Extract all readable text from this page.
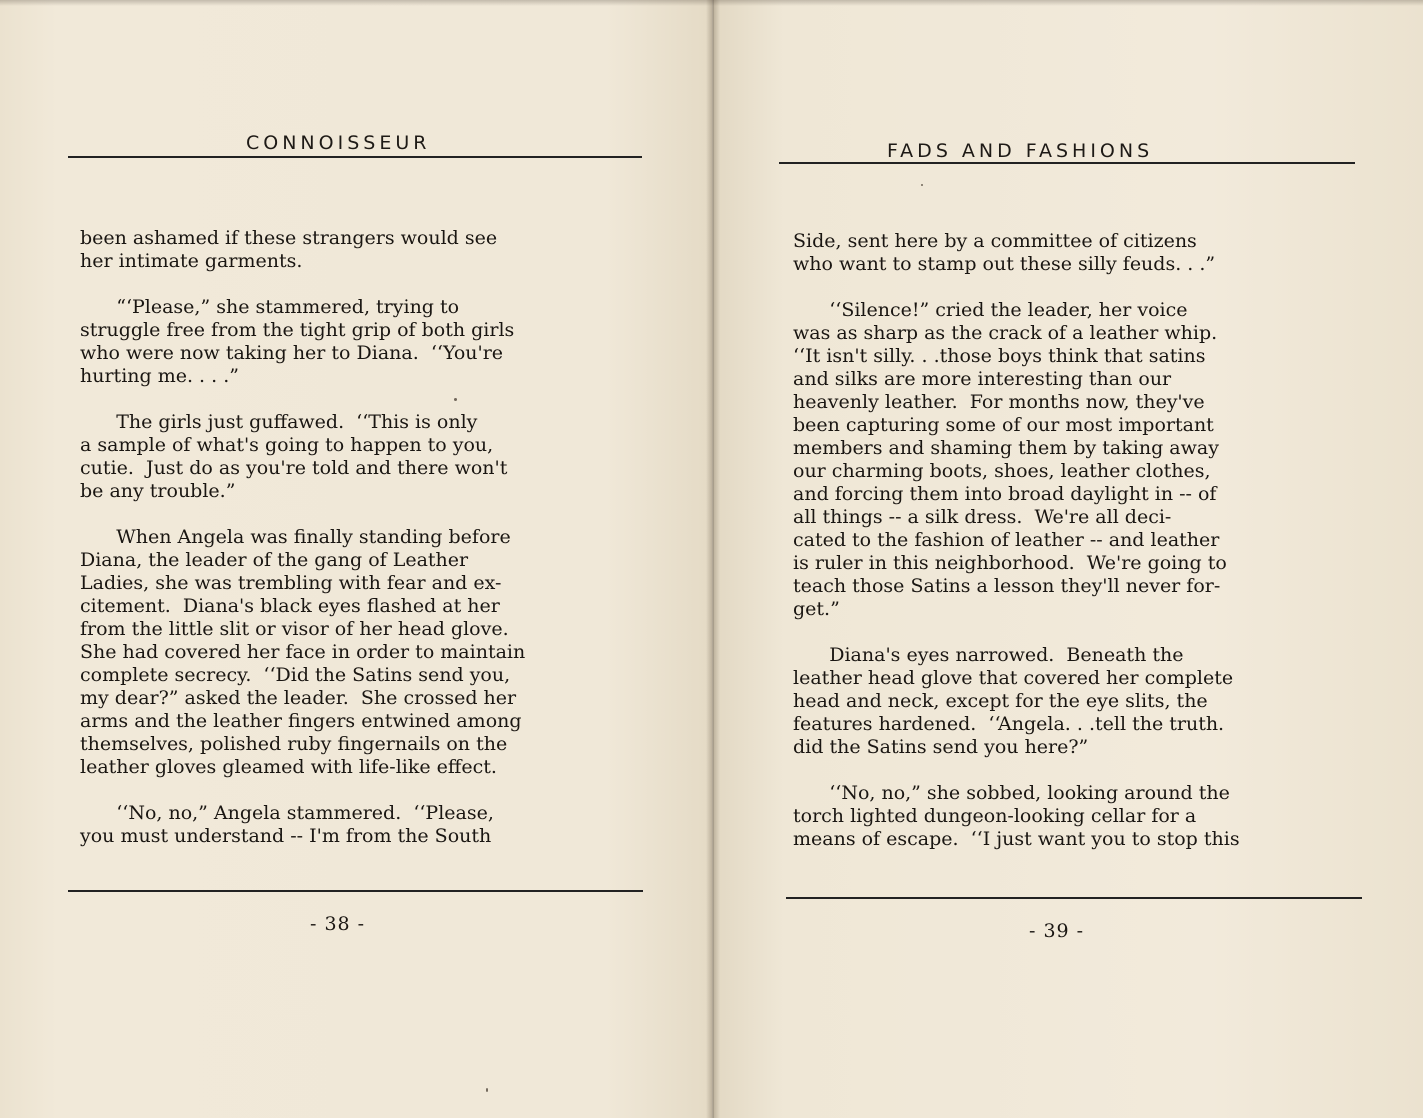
CONNOISSEUR
been ashamed if these strangers would see
her intimate garments.

“‘Please,” she stammered, trying to
struggle free from the tight grip of both girls
who were now taking her to Diana.  ‘‘You're
hurting me. . . .”

The girls just guffawed.  ‘‘This is only
a sample of what's going to happen to you,
cutie.  Just do as you're told and there won't
be any trouble.”

When Angela was finally standing before
Diana, the leader of the gang of Leather
Ladies, she was trembling with fear and ex-
citement.  Diana's black eyes flashed at her
from the little slit or visor of her head glove.
She had covered her face in order to maintain
complete secrecy.  ‘‘Did the Satins send you,
my dear?” asked the leader.  She crossed her
arms and the leather fingers entwined among
themselves, polished ruby fingernails on the
leather gloves gleamed with life-like effect.

‘‘No, no,” Angela stammered.  ‘‘Please,
you must understand -- I'm from the South
- 38 -
FADS AND FASHIONS
Side, sent here by a committee of citizens
who want to stamp out these silly feuds. . .”

‘‘Silence!” cried the leader, her voice
was as sharp as the crack of a leather whip.
‘‘It isn't silly. . .those boys think that satins
and silks are more interesting than our
heavenly leather.  For months now, they've
been capturing some of our most important
members and shaming them by taking away
our charming boots, shoes, leather clothes,
and forcing them into broad daylight in -- of
all things -- a silk dress.  We're all deci-
cated to the fashion of leather -- and leather
is ruler in this neighborhood.  We're going to
teach those Satins a lesson they'll never for-
get.”

Diana's eyes narrowed.  Beneath the
leather head glove that covered her complete
head and neck, except for the eye slits, the
features hardened.  ‘‘Angela. . .tell the truth.
did the Satins send you here?”

‘‘No, no,” she sobbed, looking around the
torch lighted dungeon-looking cellar for a
means of escape.  ‘‘I just want you to stop this
- 39 -
